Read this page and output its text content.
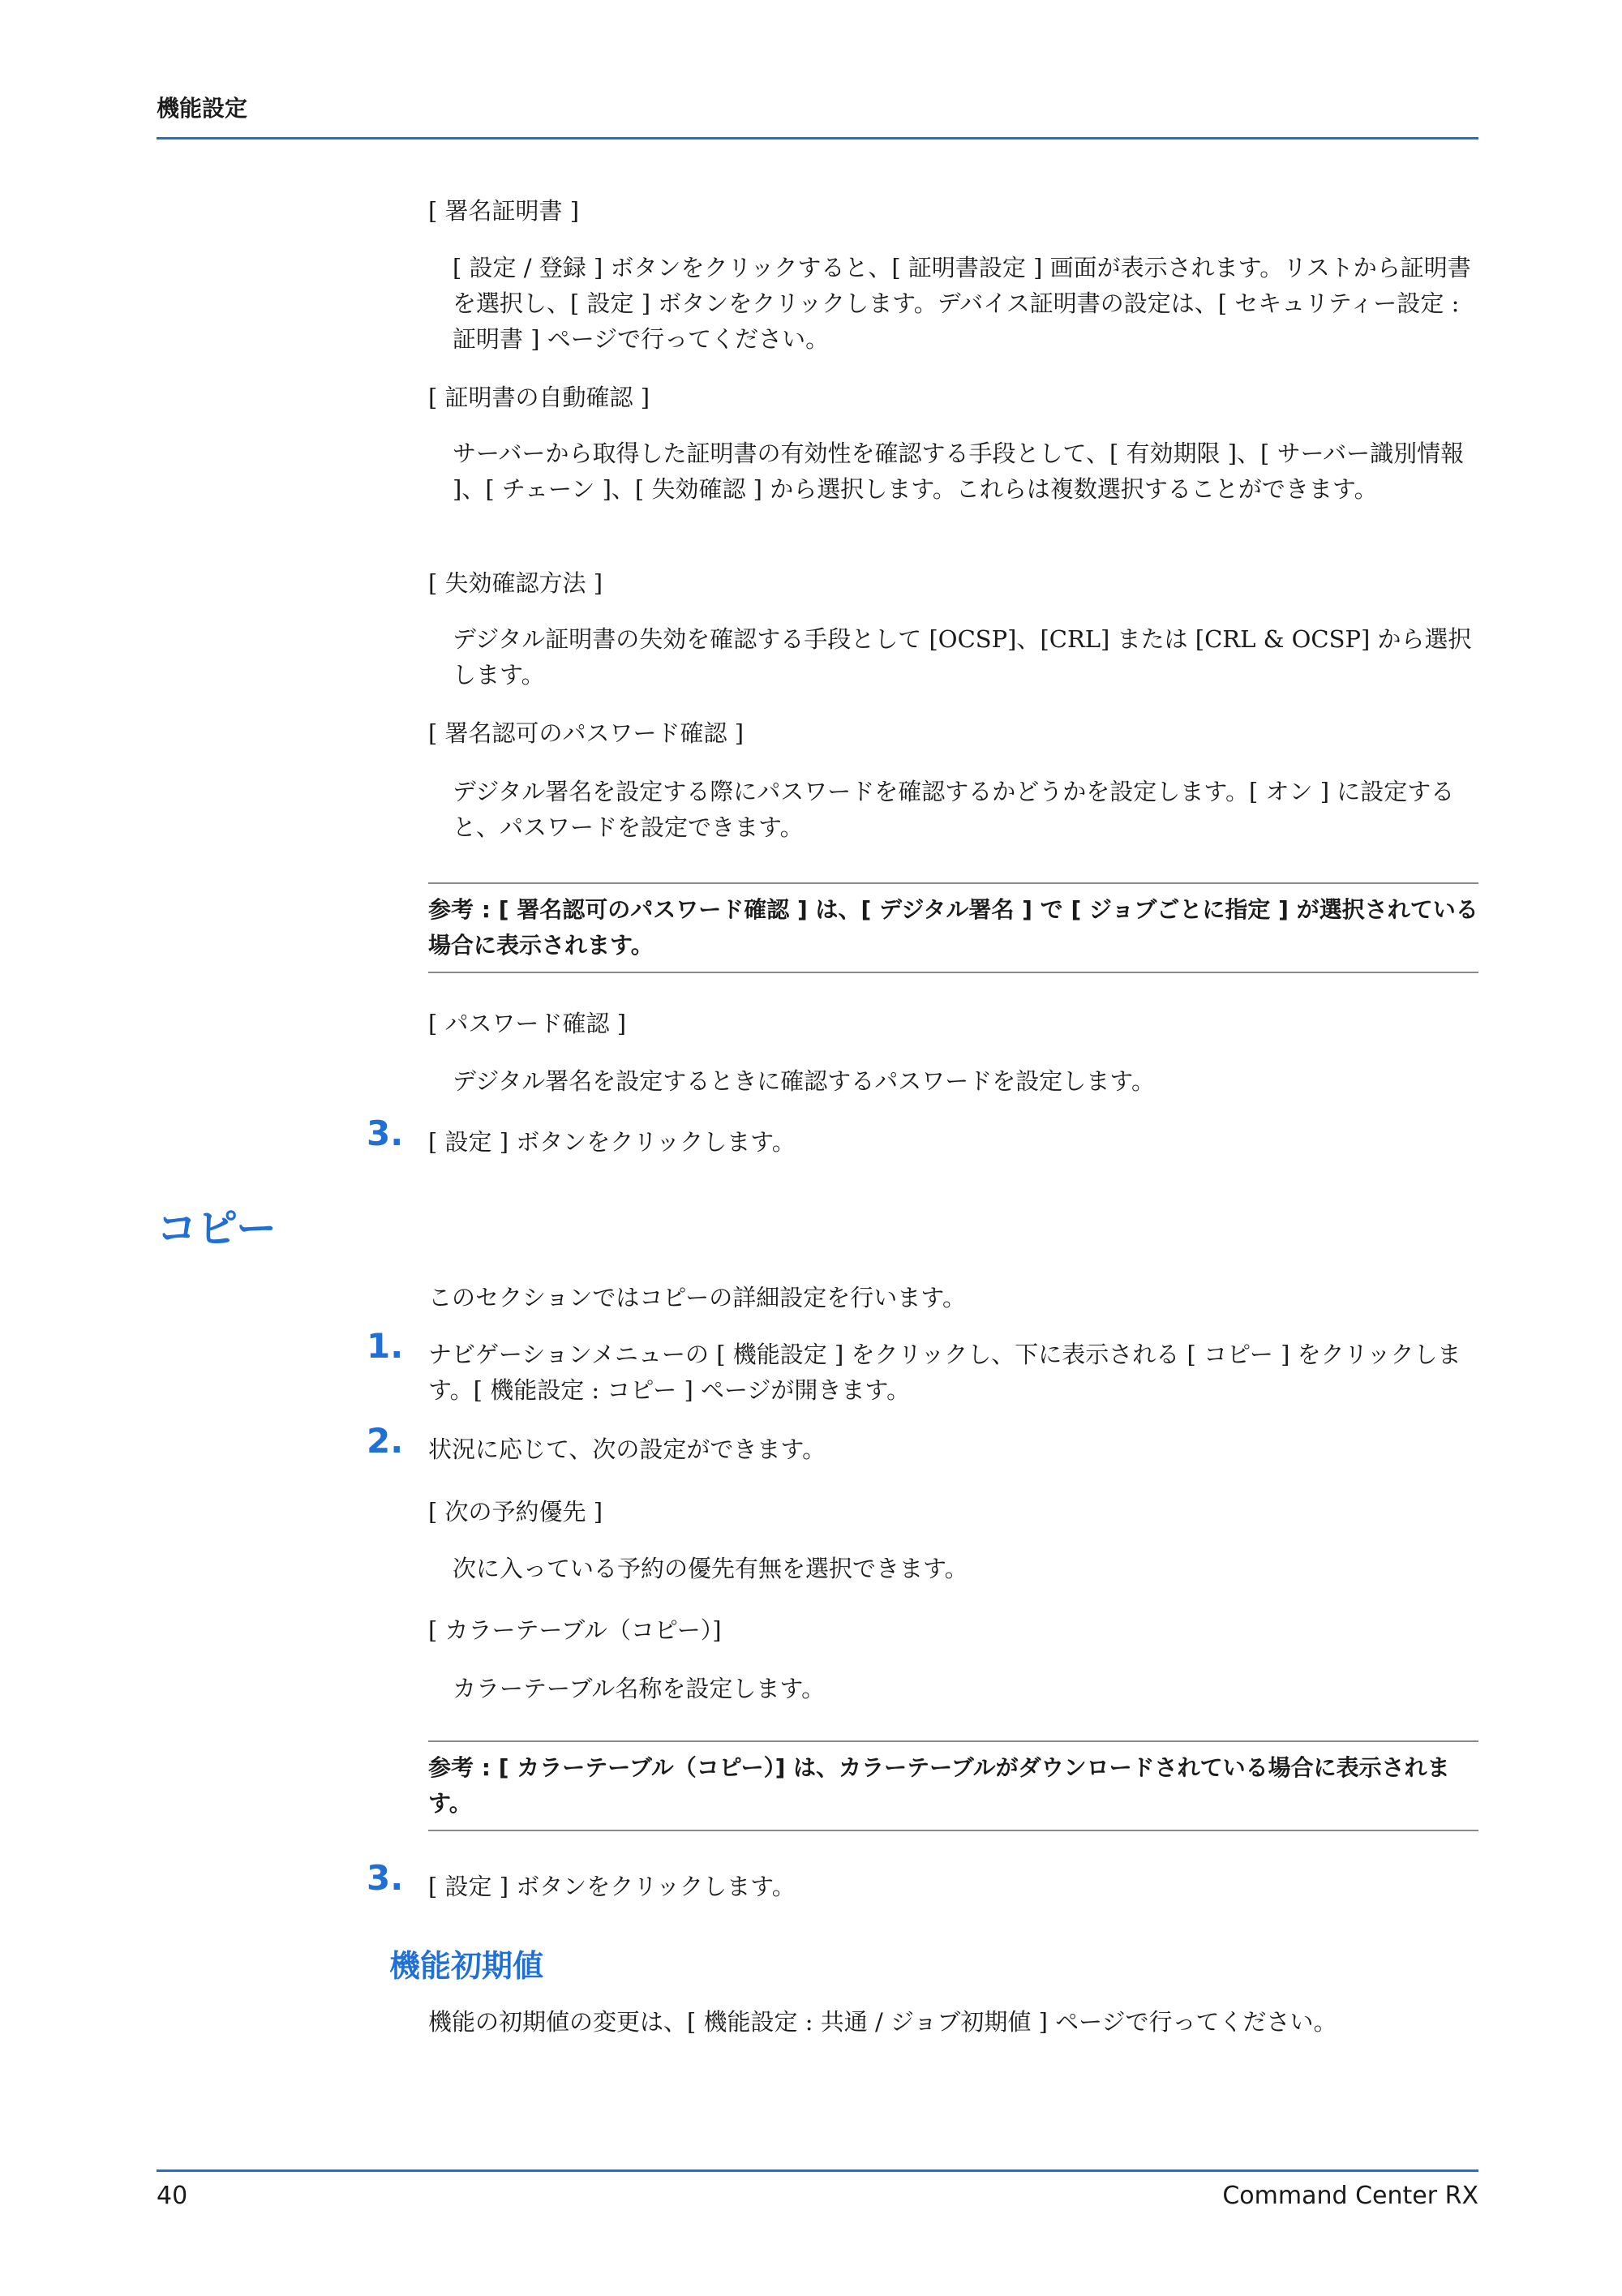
機能設定
[ 署名証明書 ]
[ 設定 / 登録 ] ボタンをクリックすると、[ 証明書設定 ] 画面が表示されます。リストから証明書を選択し、[ 設定 ] ボタンをクリックします。デバイス証明書の設定は、[ セキュリティー設定 : 証明書 ] ページで行ってください。
[ 証明書の自動確認 ]
サーバーから取得した証明書の有効性を確認する手段として、[ 有効期限 ]、[ サーバー識別情報 ]、[ チェーン ]、[ 失効確認 ] から選択します。これらは複数選択することができます。
[ 失効確認方法 ]
デジタル証明書の失効を確認する手段として [OCSP]、[CRL] または [CRL & OCSP] から選択します。
[ 署名認可のパスワード確認 ]
デジタル署名を設定する際にパスワードを確認するかどうかを設定します。[ オン ] に設定すると、パスワードを設定できます。
参考 : [ 署名認可のパスワード確認 ] は、[ デジタル署名 ] で [ ジョブごとに指定 ] が選択されている場合に表示されます。
[ パスワード確認 ]
デジタル署名を設定するときに確認するパスワードを設定します。
3. [ 設定 ] ボタンをクリックします。
コピー
このセクションではコピーの詳細設定を行います。
1. ナビゲーションメニューの [ 機能設定 ] をクリックし、下に表示される [ コピー ] をクリックします。[ 機能設定 : コピー ] ページが開きます。
2. 状況に応じて、次の設定ができます。
[ 次の予約優先 ]
次に入っている予約の優先有無を選択できます。
[ カラーテーブル（コピー）]
カラーテーブル名称を設定します。
参考 : [ カラーテーブル（コピー）] は、カラーテーブルがダウンロードされている場合に表示されます。
3. [ 設定 ] ボタンをクリックします。
機能初期値
機能の初期値の変更は、[ 機能設定 : 共通 / ジョブ初期値 ] ページで行ってください。
40	Command Center RX
